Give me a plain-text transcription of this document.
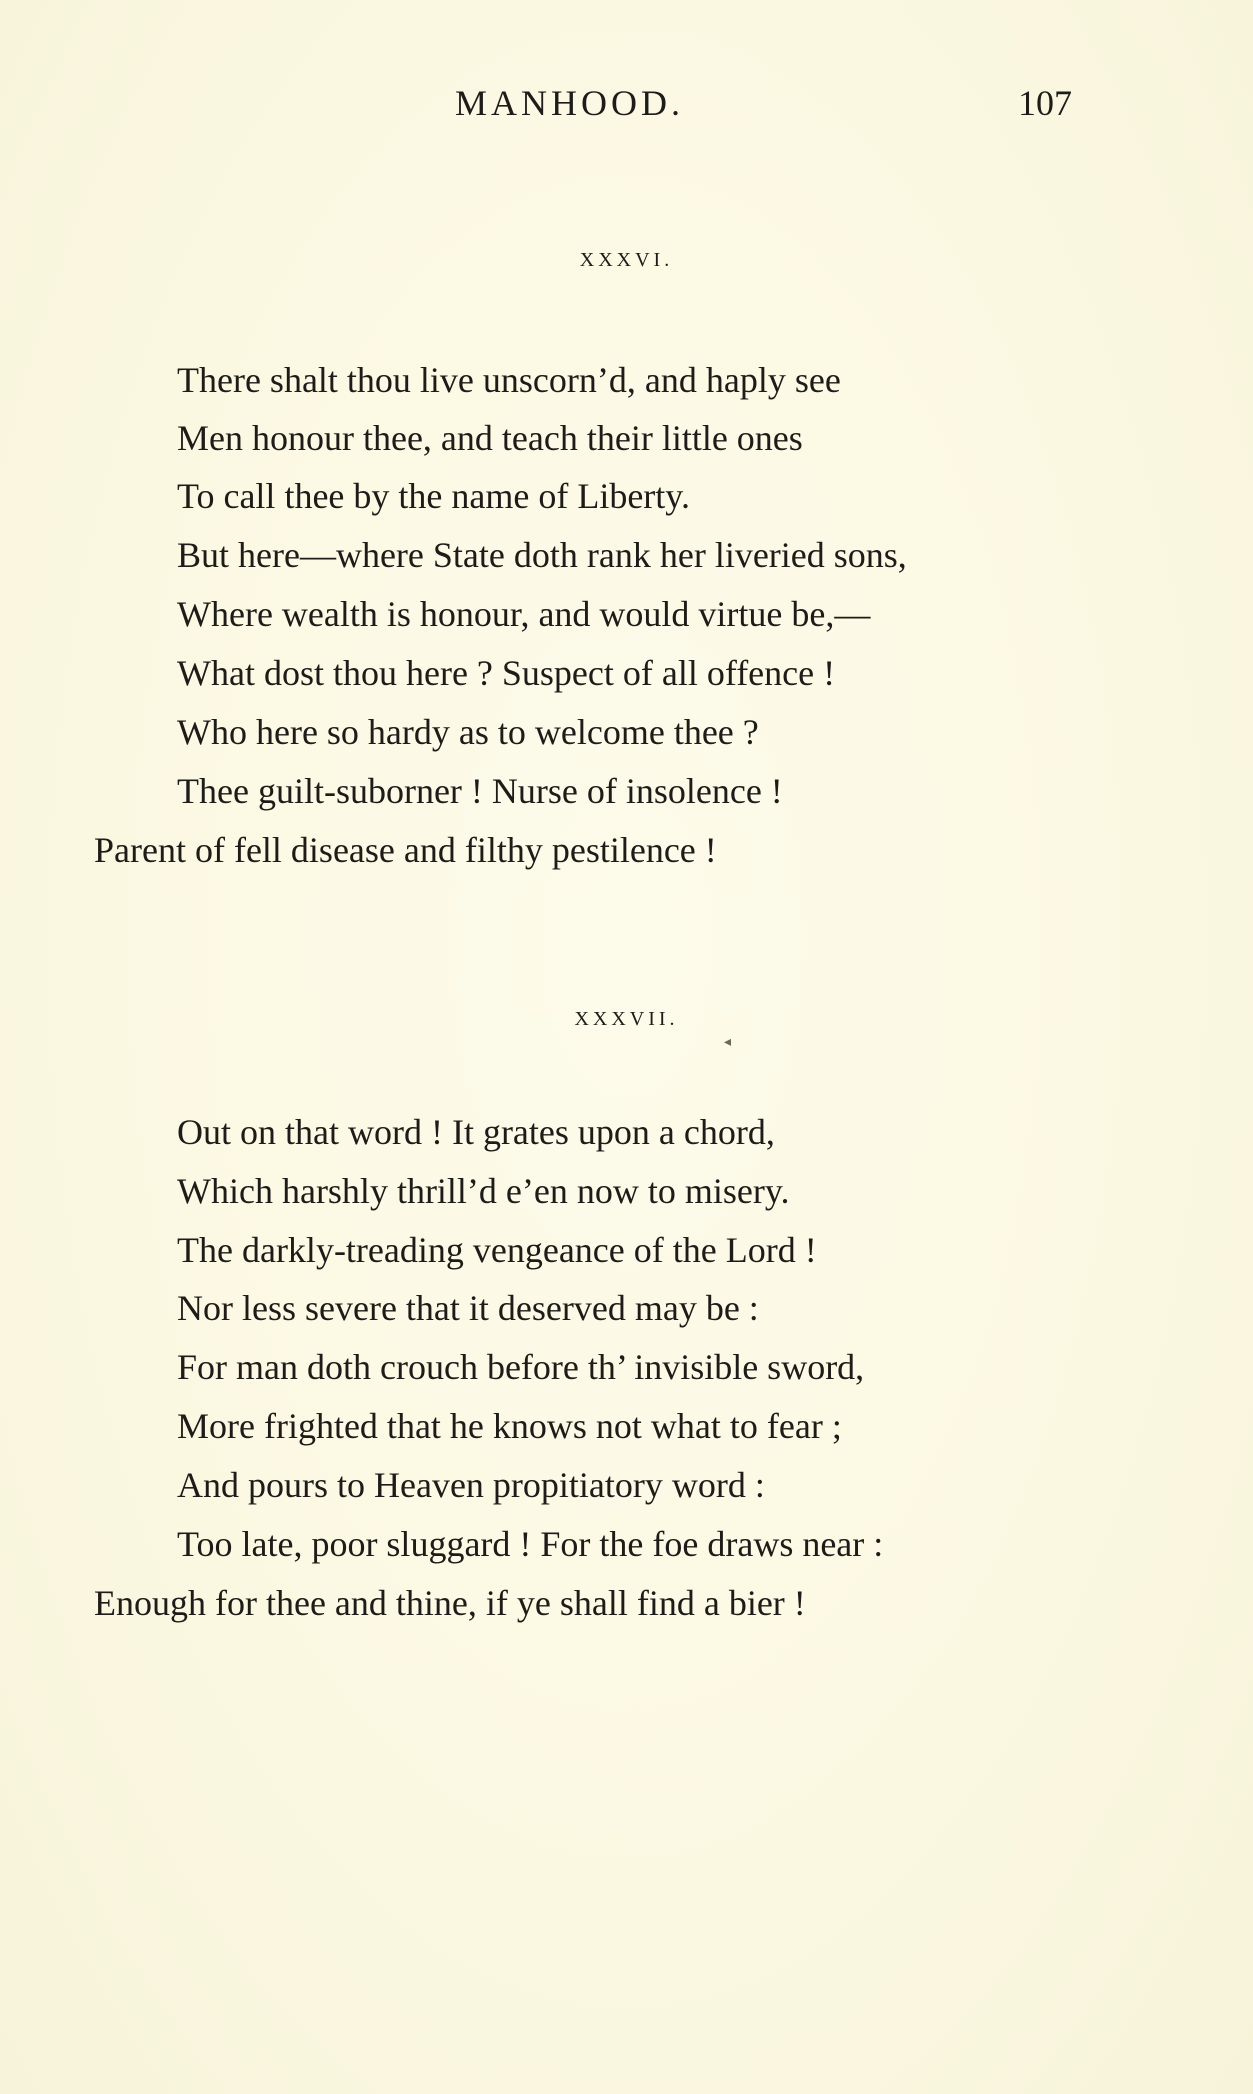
MANHOOD.	107
XXXVI.
There shalt thou live unscorn’d, and haply see
Men honour thee, and teach their little ones
To call thee by the name of Liberty.
But here—where State doth rank her liveried sons,
Where wealth is honour, and would virtue be,—
What dost thou here ? Suspect of all offence !
Who here so hardy as to welcome thee ?
Thee guilt-suborner ! Nurse of insolence !
Parent of fell disease and filthy pestilence !
XXXVII.
◂
Out on that word ! It grates upon a chord,
Which harshly thrill’d e’en now to misery.
The darkly-treading vengeance of the Lord !
Nor less severe that it deserved may be :
For man doth crouch before th’ invisible sword,
More frighted that he knows not what to fear ;
And pours to Heaven propitiatory word :
Too late, poor sluggard ! For the foe draws near :
Enough for thee and thine, if ye shall find a bier !
